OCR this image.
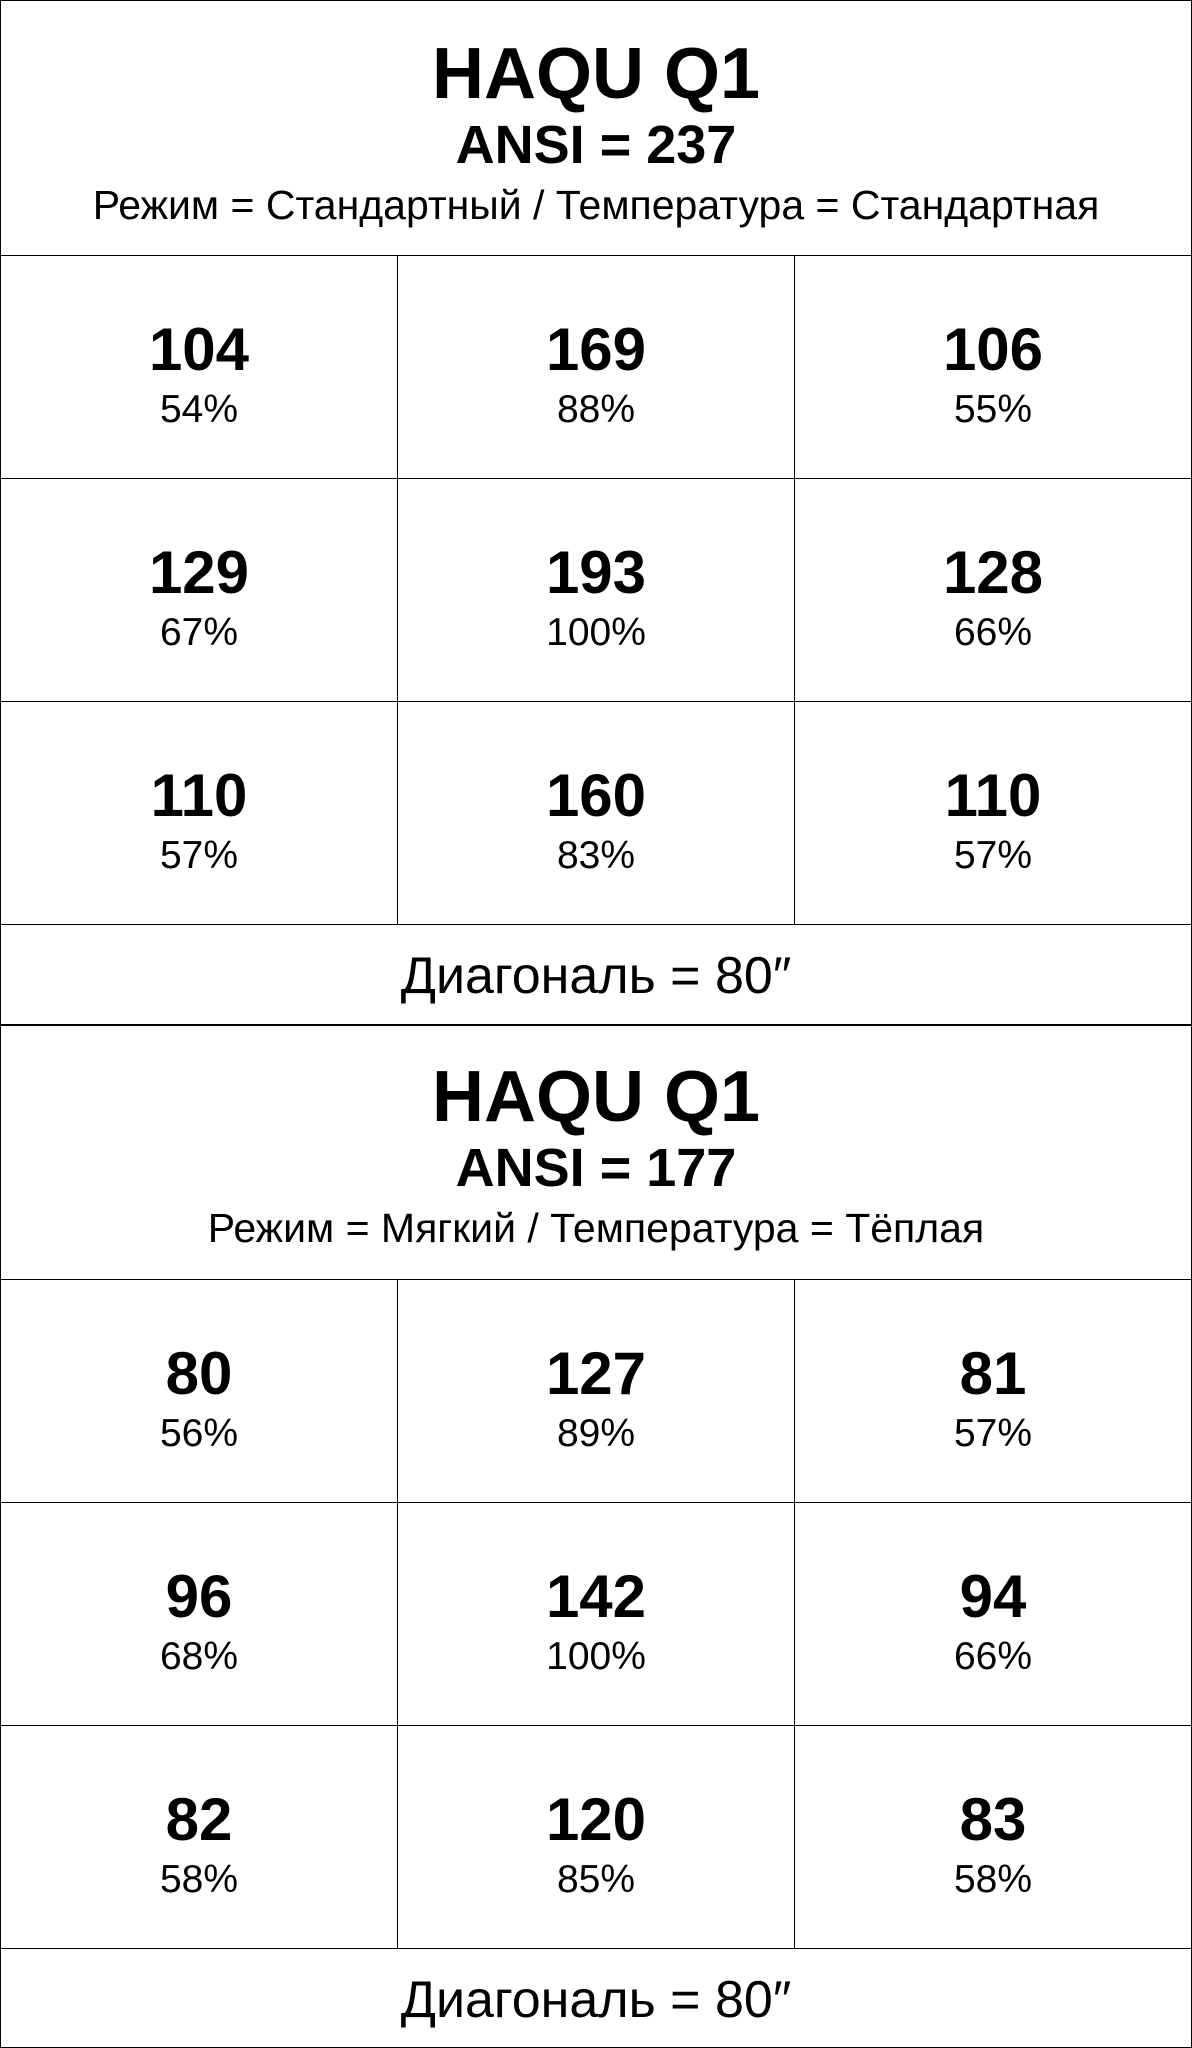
HAQU Q1
ANSI = 237
Режим = Стандартный / Температура = Стандартная
104
54%
169
88%
106
55%
129
67%
193
100%
128
66%
110
57%
160
83%
110
57%
Диагональ = 80″
HAQU Q1
ANSI = 177
Режим = Мягкий / Температура = Тёплая
80
56%
127
89%
81
57%
96
68%
142
100%
94
66%
82
58%
120
85%
83
58%
Диагональ = 80″
